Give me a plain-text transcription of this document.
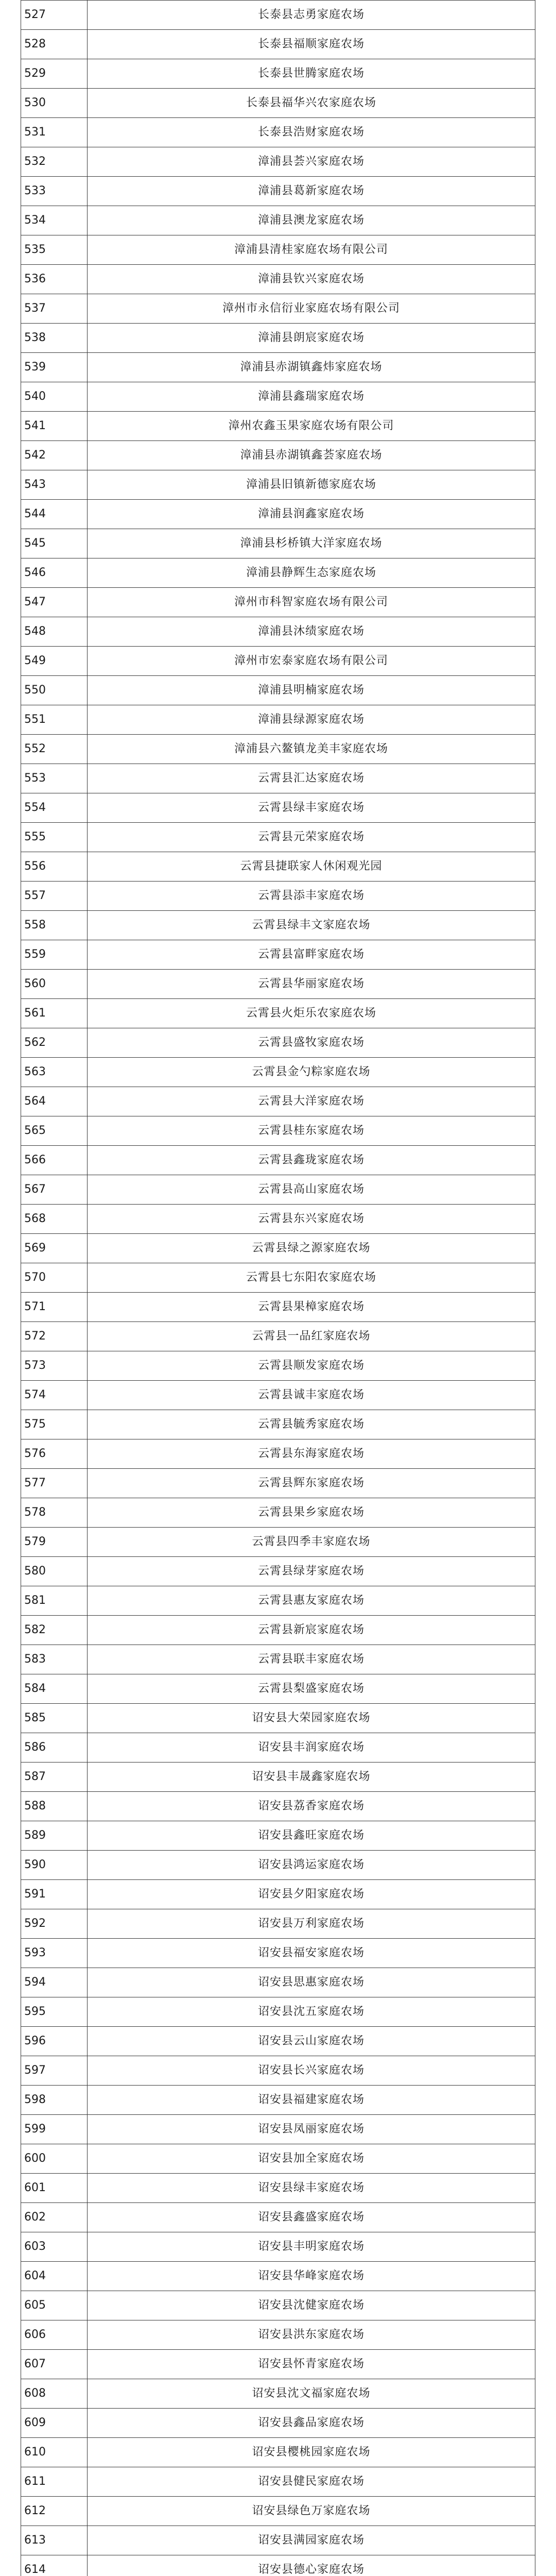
527	长泰县志勇家庭农场
528	长泰县福顺家庭农场
529	长泰县世腾家庭农场
530	长泰县福华兴农家庭农场
531	长泰县浩财家庭农场
532	漳浦县荟兴家庭农场
533	漳浦县葛新家庭农场
534	漳浦县澳龙家庭农场
535	漳浦县清桂家庭农场有限公司
536	漳浦县钦兴家庭农场
537	漳州市永信衍业家庭农场有限公司
538	漳浦县朗宸家庭农场
539	漳浦县赤湖镇鑫炜家庭农场
540	漳浦县鑫瑞家庭农场
541	漳州农鑫玉果家庭农场有限公司
542	漳浦县赤湖镇鑫荟家庭农场
543	漳浦县旧镇新德家庭农场
544	漳浦县润鑫家庭农场
545	漳浦县杉桥镇大洋家庭农场
546	漳浦县静辉生态家庭农场
547	漳州市科智家庭农场有限公司
548	漳浦县沐绩家庭农场
549	漳州市宏泰家庭农场有限公司
550	漳浦县明楠家庭农场
551	漳浦县绿源家庭农场
552	漳浦县六鳌镇龙美丰家庭农场
553	云霄县汇达家庭农场
554	云霄县绿丰家庭农场
555	云霄县元荣家庭农场
556	云霄县捷联家人休闲观光园
557	云霄县添丰家庭农场
558	云霄县绿丰文家庭农场
559	云霄县富畔家庭农场
560	云霄县华丽家庭农场
561	云霄县火炬乐农家庭农场
562	云霄县盛牧家庭农场
563	云霄县金勺粽家庭农场
564	云霄县大洋家庭农场
565	云霄县桂东家庭农场
566	云霄县鑫珑家庭农场
567	云霄县高山家庭农场
568	云霄县东兴家庭农场
569	云霄县绿之源家庭农场
570	云霄县七东阳农家庭农场
571	云霄县果樟家庭农场
572	云霄县一品红家庭农场
573	云霄县顺发家庭农场
574	云霄县诚丰家庭农场
575	云霄县毓秀家庭农场
576	云霄县东海家庭农场
577	云霄县辉东家庭农场
578	云霄县果乡家庭农场
579	云霄县四季丰家庭农场
580	云霄县绿芽家庭农场
581	云霄县惠友家庭农场
582	云霄县新宸家庭农场
583	云霄县联丰家庭农场
584	云霄县梨盛家庭农场
585	诏安县大荣园家庭农场
586	诏安县丰润家庭农场
587	诏安县丰晟鑫家庭农场
588	诏安县荔香家庭农场
589	诏安县鑫旺家庭农场
590	诏安县鸿运家庭农场
591	诏安县夕阳家庭农场
592	诏安县万利家庭农场
593	诏安县福安家庭农场
594	诏安县思惠家庭农场
595	诏安县沈五家庭农场
596	诏安县云山家庭农场
597	诏安县长兴家庭农场
598	诏安县福建家庭农场
599	诏安县凤丽家庭农场
600	诏安县加全家庭农场
601	诏安县绿丰家庭农场
602	诏安县鑫盛家庭农场
603	诏安县丰明家庭农场
604	诏安县华峰家庭农场
605	诏安县沈健家庭农场
606	诏安县洪东家庭农场
607	诏安县怀青家庭农场
608	诏安县沈文福家庭农场
609	诏安县鑫品家庭农场
610	诏安县樱桃园家庭农场
611	诏安县健民家庭农场
612	诏安县绿色万家庭农场
613	诏安县满园家庭农场
614	诏安县德心家庭农场
